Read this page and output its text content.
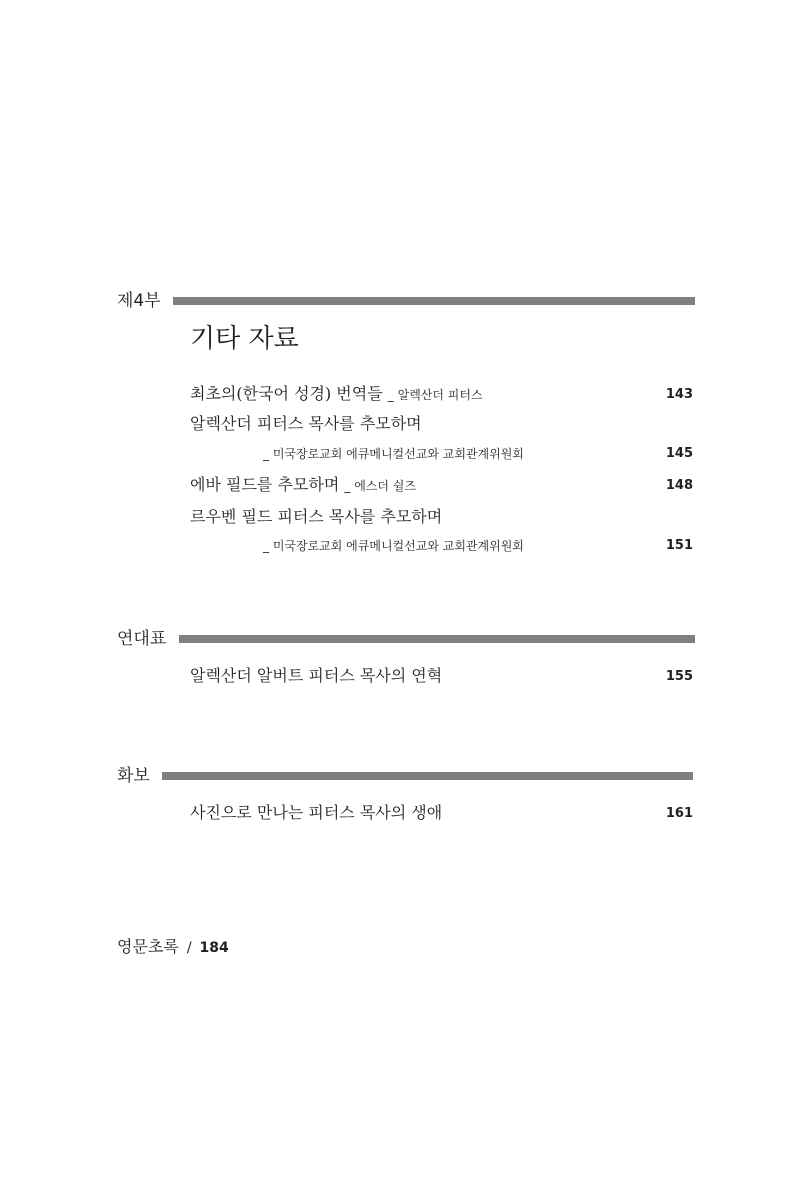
제4부
기타 자료
최초의(한국어 성경) 번역들 _ 알렉산더 피터스	143
알렉산더 피터스 목사를 추모하며
_ 미국장로교회 에큐메니컬선교와 교회관계위원회	145
에바 필드를 추모하며 _ 에스더 쉴즈	148
르우벤 필드 피터스 목사를 추모하며
_ 미국장로교회 에큐메니컬선교와 교회관계위원회	151
연대표
알렉산더 알버트 피터스 목사의 연혁	155
화보
사진으로 만나는 피터스 목사의 생애	161
영문초록 / 184
